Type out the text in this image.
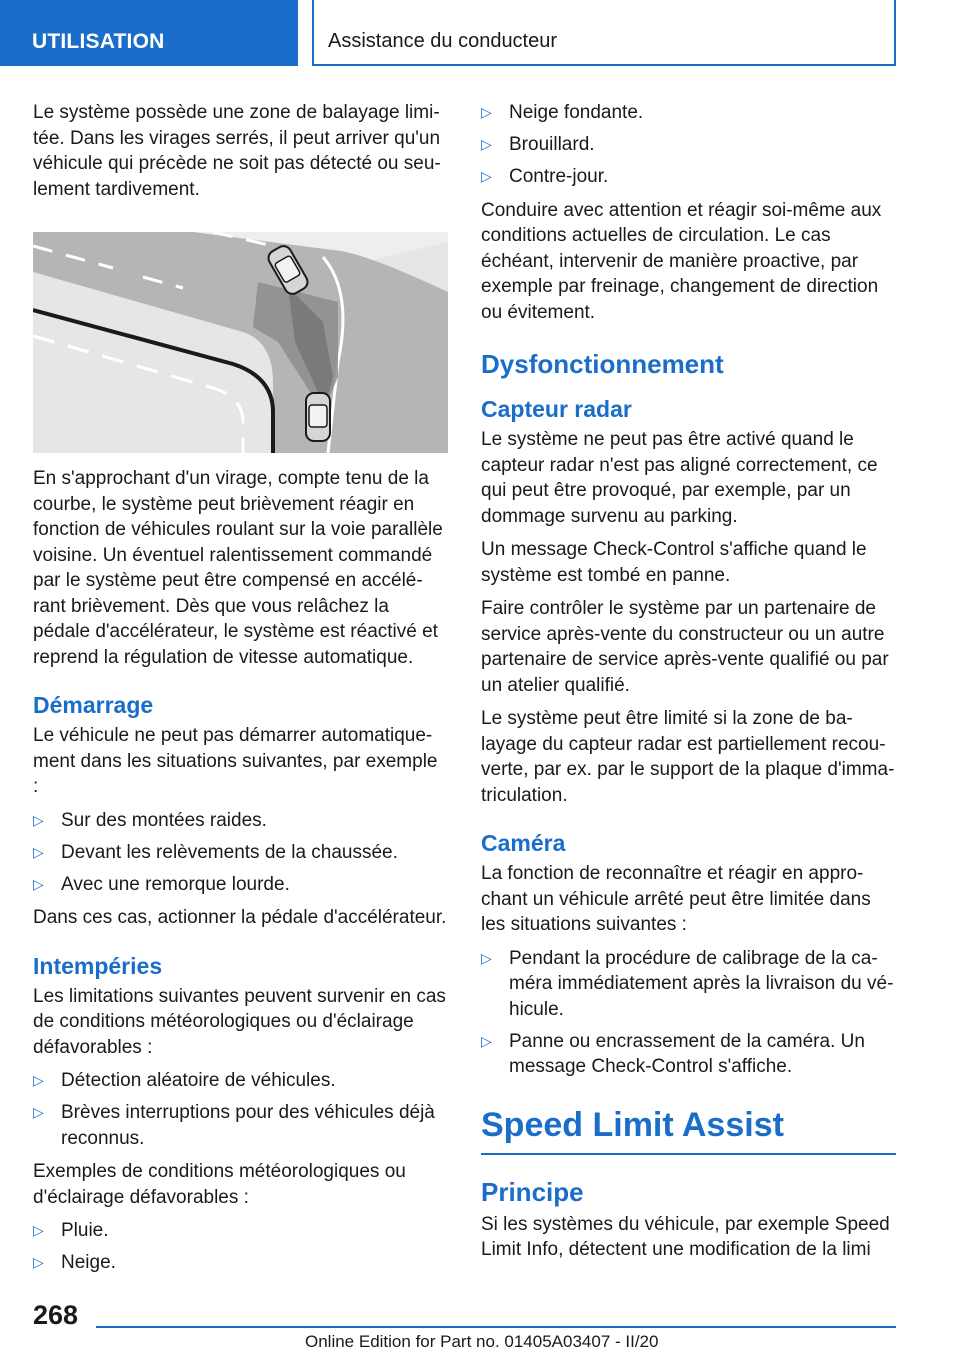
UTILISATION	Assistance du conducteur

Le système possède une zone de balayage limitée. Dans les virages serrés, il peut arriver qu'un véhicule qui précède ne soit pas détecté ou seulement tardivement.

En s'approchant d'un virage, compte tenu de la courbe, le système peut brièvement réagir en fonction de véhicules roulant sur la voie parallèle voisine. Un éventuel ralentissement commandé par le système peut être compensé en accélérant brièvement. Dès que vous relâchez la pédale d'accélérateur, le système est réactivé et reprend la régulation de vitesse automatique.

Démarrage

Le véhicule ne peut pas démarrer automatiquement dans les situations suivantes, par exemple :

▷ Sur des montées raides.
▷ Devant les relèvements de la chaussée.
▷ Avec une remorque lourde.

Dans ces cas, actionner la pédale d'accélérateur.

Intempéries

Les limitations suivantes peuvent survenir en cas de conditions météorologiques ou d'éclairage défavorables :

▷ Détection aléatoire de véhicules.
▷ Brèves interruptions pour des véhicules déjà reconnus.

Exemples de conditions météorologiques ou d'éclairage défavorables :

▷ Pluie.
▷ Neige.
▷ Neige fondante.
▷ Brouillard.
▷ Contre-jour.

Conduire avec attention et réagir soi-même aux conditions actuelles de circulation. Le cas échéant, intervenir de manière proactive, par exemple par freinage, changement de direction ou évitement.

Dysfonctionnement
Capteur radar

Le système ne peut pas être activé quand le capteur radar n'est pas aligné correctement, ce qui peut être provoqué, par exemple, par un dommage survenu au parking.

Un message Check-Control s'affiche quand le système est tombé en panne.

Faire contrôler le système par un partenaire de service après-vente du constructeur ou un autre partenaire de service après-vente qualifié ou par un atelier qualifié.

Le système peut être limité si la zone de balayage du capteur radar est partiellement recouverte, par ex. par le support de la plaque d'immatriculation.

Caméra

La fonction de reconnaître et réagir en approchant un véhicule arrêté peut être limitée dans les situations suivantes :

▷ Pendant la procédure de calibrage de la caméra immédiatement après la livraison du véhicule.
▷ Panne ou encrassement de la caméra. Un message Check-Control s'affiche.
Speed Limit Assist
Principe

Si les systèmes du véhicule, par exemple Speed Limit Info, détectent une modification de la limi

268
Online Edition for Part no. 01405A03407 - II/20
